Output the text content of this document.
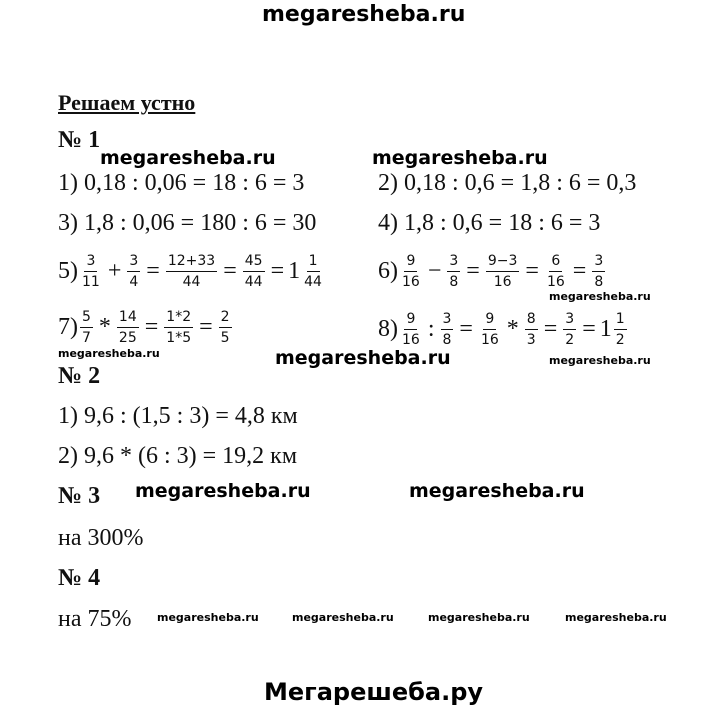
megaresheba.ru
megaresheba.ru	megaresheba.ru
megaresheba.ru
megaresheba.ru	megaresheba.ru	megaresheba.ru
megaresheba.ru	megaresheba.ru
megaresheba.ru	megaresheba.ru	megaresheba.ru	megaresheba.ru
Мегарешеба.ру
Решаем устно
№ 1
1) 0,18 : 0,06 = 18 : 6 = 3	2) 0,18 : 0,6 = 1,8 : 6 = 0,3
3) 1,8 : 0,06 = 180 : 6 = 30	4) 1,8 : 0,6 = 18 : 6 = 3
$5) \frac{3}{11} + \frac{3}{4} = \frac{12+33}{44} = \frac{45}{44} = 1 \frac{1}{44} 6) \frac{9}{16} - \frac{3}{8} = \frac{9-3}{16} = \frac{6}{16} = \frac{3}{8}$
$7) \frac{5}{7} * \frac{14}{25} = \frac{1*2}{1*5} = \frac{2}{5}$	$8) \frac{9}{16}$ : $\frac{3}{8} = \frac{9}{16} * \frac{8}{3} = \frac{3}{2} = 1 \frac{1}{2}$
№ 2
1) 9,6 : (1,5 : 3) = 4,8 км
2) 9,6 * (6 : 3) = 19,2 км
№ 3
на 300%
№ 4
на 75%
